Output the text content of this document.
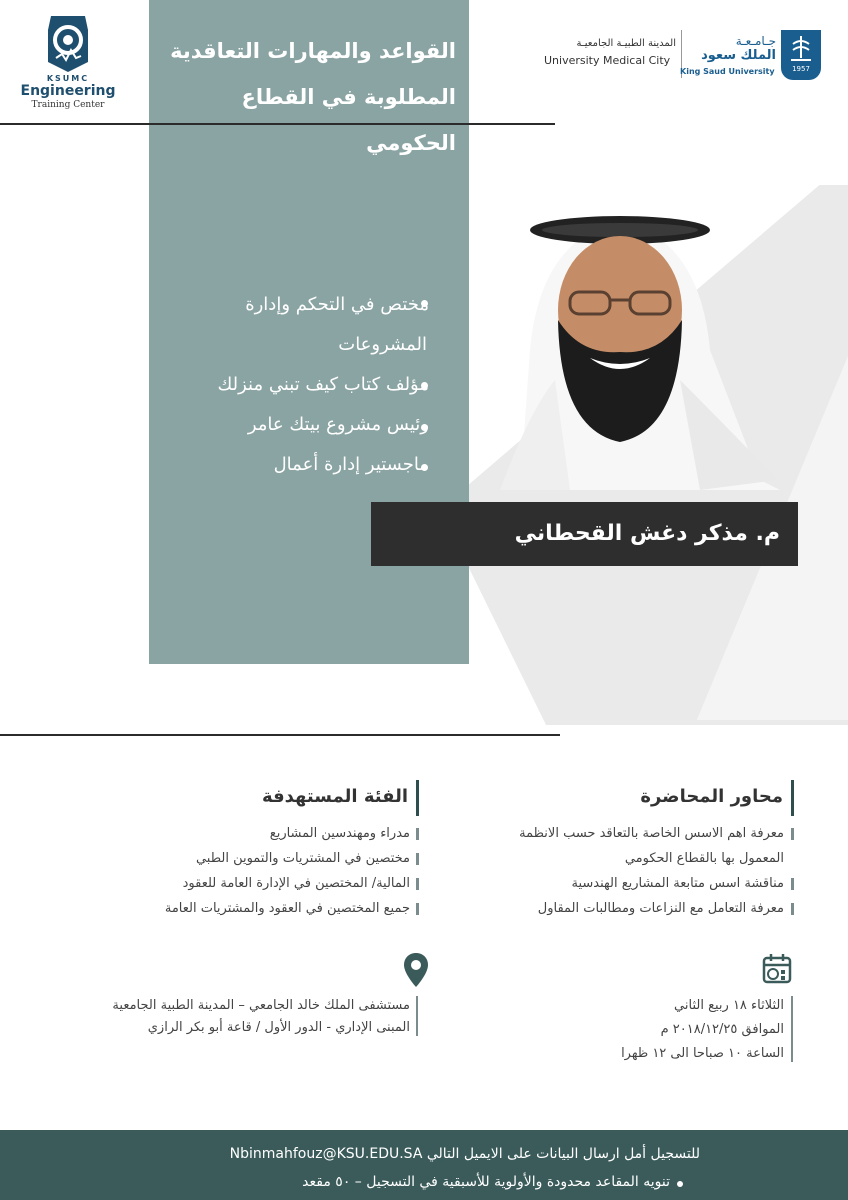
KSUMC
Engineering
Training Center
القواعد والمهارات التعاقدية
المطلوبة في القطاع الحكومي
المدينة الطبيـة الجامعيـة
University Medical City
جـامـعـة
الملك سعود
King Saud University	1957
مختص في التحكم وإدارة
المشروعات
مؤلف كتاب كيف تبني منزلك
رئيس مشروع بيتك عامر
ماجستير إدارة أعمال
م. مذكر دغش القحطاني
الفئة المستهدفة
مدراء ومهندسين المشاريع
مختصين في المشتريات والتموين الطبي
المالية/ المختصين في الإدارة العامة للعقود
جميع المختصين في العقود والمشتريات العامة
محاور المحاضرة
معرفة اهم الاسس الخاصة بالتعاقد حسب الانظمة
المعمول بها بالقطاع الحكومي
مناقشة اسس متابعة المشاريع الهندسية
معرفة التعامل مع النزاعات ومطالبات المقاول
مستشفى الملك خالد الجامعي – المدينة الطبية الجامعية
المبنى الإداري - الدور الأول / قاعة أبو بكر الرازي
الثلاثاء ١٨ ربيع الثاني
الموافق ٢٠١٨/١٢/٢٥ م
الساعة ١٠ صباحا الى ١٢ ظهرا
للتسجيل أمل ارسال البيانات على الايميل التالي Nbinmahfouz@KSU.EDU.SA
تنويه المقاعد محدودة والأولوية للأسبقية في التسجيل – ٥٠ مقعد
